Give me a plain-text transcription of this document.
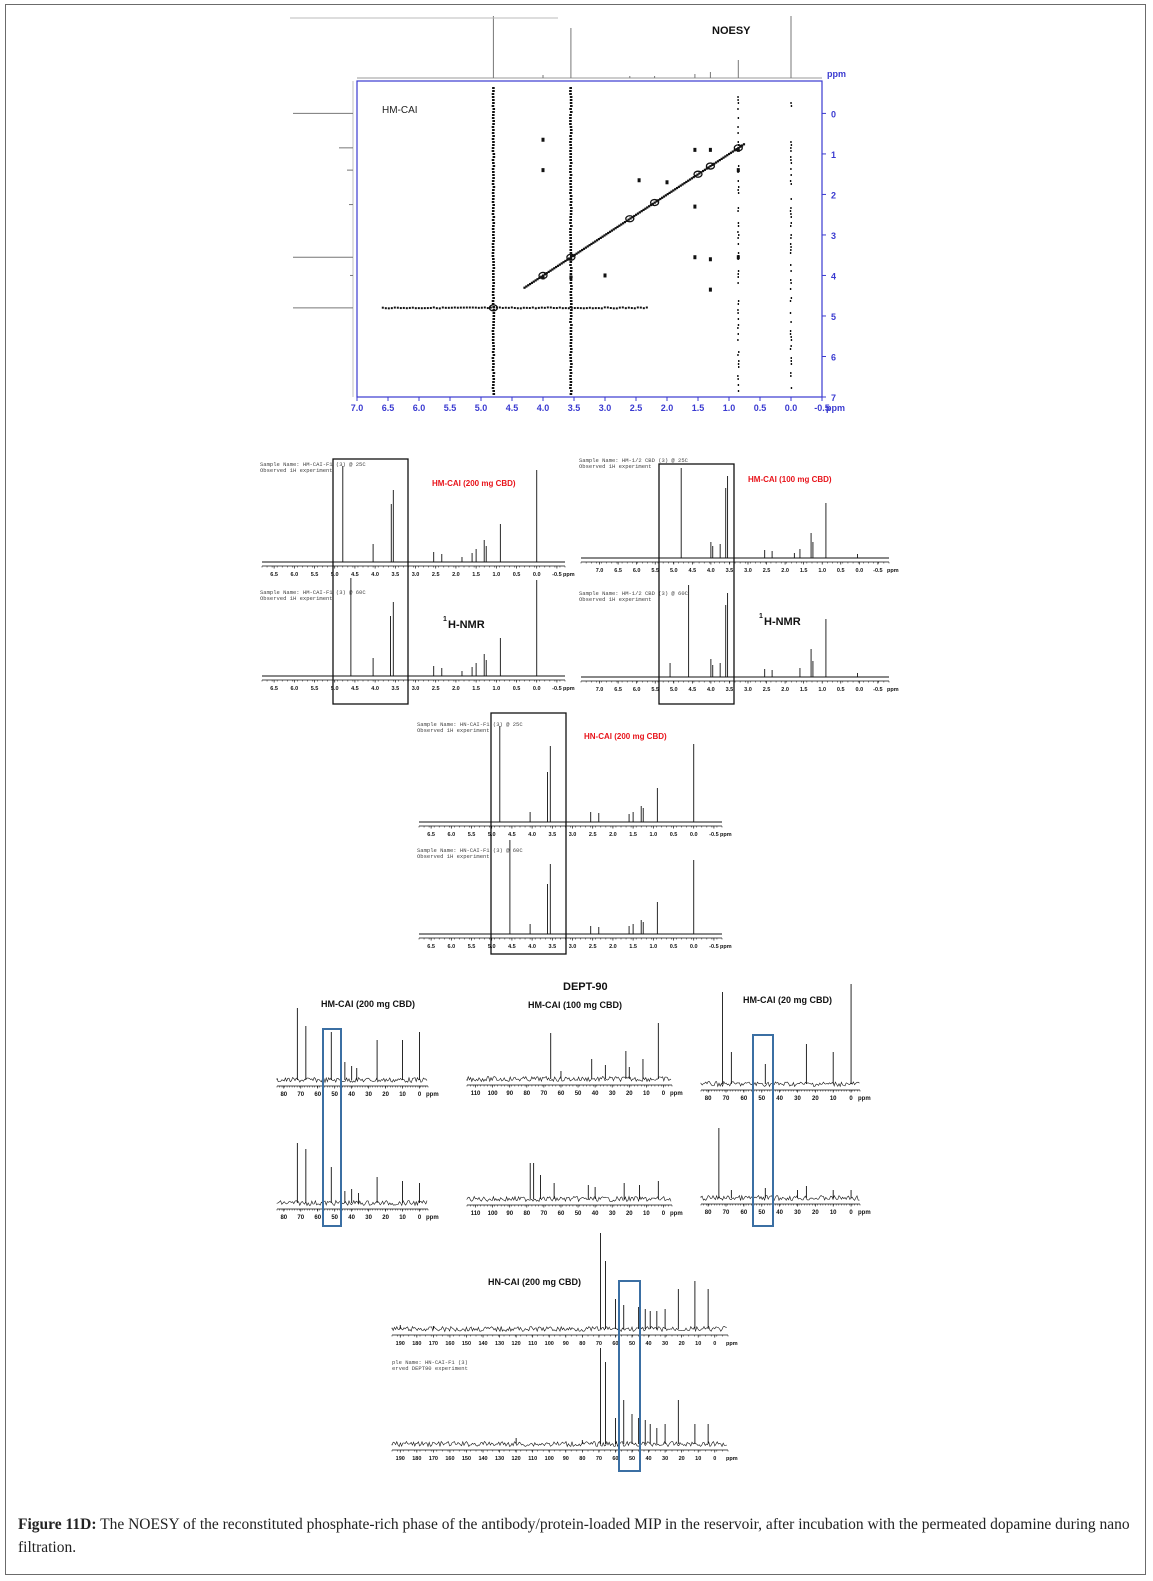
NOESY
HM-CAI
7.0 6.5 6.0 5.5 5.0 4.5 4.0 3.5 3.0 2.5 2.0 1.5 1.0 0.5 0.0 -0.5
0
1
2
3
4
5
6
7
ppm
ppm
Sample Name: HM-CAI-F1 (3) @ 25C
Observed 1H experiment
Sample Name: HM-CAI-F1 (3) @ 60C
Observed 1H experiment
6.5 6.0 5.5 5.0 4.5 4.0 3.5 3.0 2.5 2.0 1.5 1.0 0.5 0.0 -0.5 ppm
6.5 6.0 5.5 5.0 4.5 4.0 3.5 3.0 2.5 2.0 1.5 1.0 0.5 0.0 -0.5 ppm
HM-CAI (200 mg CBD)
1 H-NMR
Sample Name: HM-1/2 CBD (3) @ 25C
Observed 1H experiment
Sample Name: HM-1/2 CBD (3) @ 60C
Observed 1H experiment
7.0 6.5 6.0 5.5 5.0 4.5 4.0 3.5 3.0 2.5 2.0 1.5 1.0 0.5 0.0 -0.5 ppm
7.0 6.5 6.0 5.5 5.0 4.5 4.0 3.5 3.0 2.5 2.0 1.5 1.0 0.5 0.0 -0.5 ppm
HM-CAI (100 mg CBD)
1 H-NMR
Sample Name: HN-CAI-F1 (3) @ 25C
Observed 1H experiment
Sample Name: HN-CAI-F1 (3) @ 60C
Observed 1H experiment
6.5 6.0 5.5 5.0 4.5 4.0 3.5 3.0 2.5 2.0 1.5 1.0 0.5 0.0 -0.5 ppm
6.5 6.0 5.5 5.0 4.5 4.0 3.5 3.0 2.5 2.0 1.5 1.0 0.5 0.0 -0.5 ppm
HN-CAI (200 mg CBD)
DEPT-90
80 70 60 50 40 30 20 10 0 ppm
80 70 60 50 40 30 20 10 0 ppm
HM-CAI (200 mg CBD)
110 100 90 80 70 60 50 40 30 20 10 0 ppm
110 100 90 80 70 60 50 40 30 20 10 0 ppm
HM-CAI (100 mg CBD)
80 70 60 50 40 30 20 10 0 ppm
80 70 60 50 40 30 20 10 0 ppm
HM-CAI (20 mg CBD)
190 180 170 160 150 140 130 120 110 100 90 80 70 60 50 40 30 20 10 0 ppm
190 180 170 160 150 140 130 120 110 100 90 80 70 60 50 40 30 20 10 0 ppm
HN-CAI (200 mg CBD)
ple Name: HN-CAI-F1 (3)
erved DEPT90 experiment
Figure 11D: The NOESY of the reconstituted phosphate-rich phase of the antibody/protein-loaded MIP in the reservoir, after incubation with the permeated dopamine during nano filtration.
